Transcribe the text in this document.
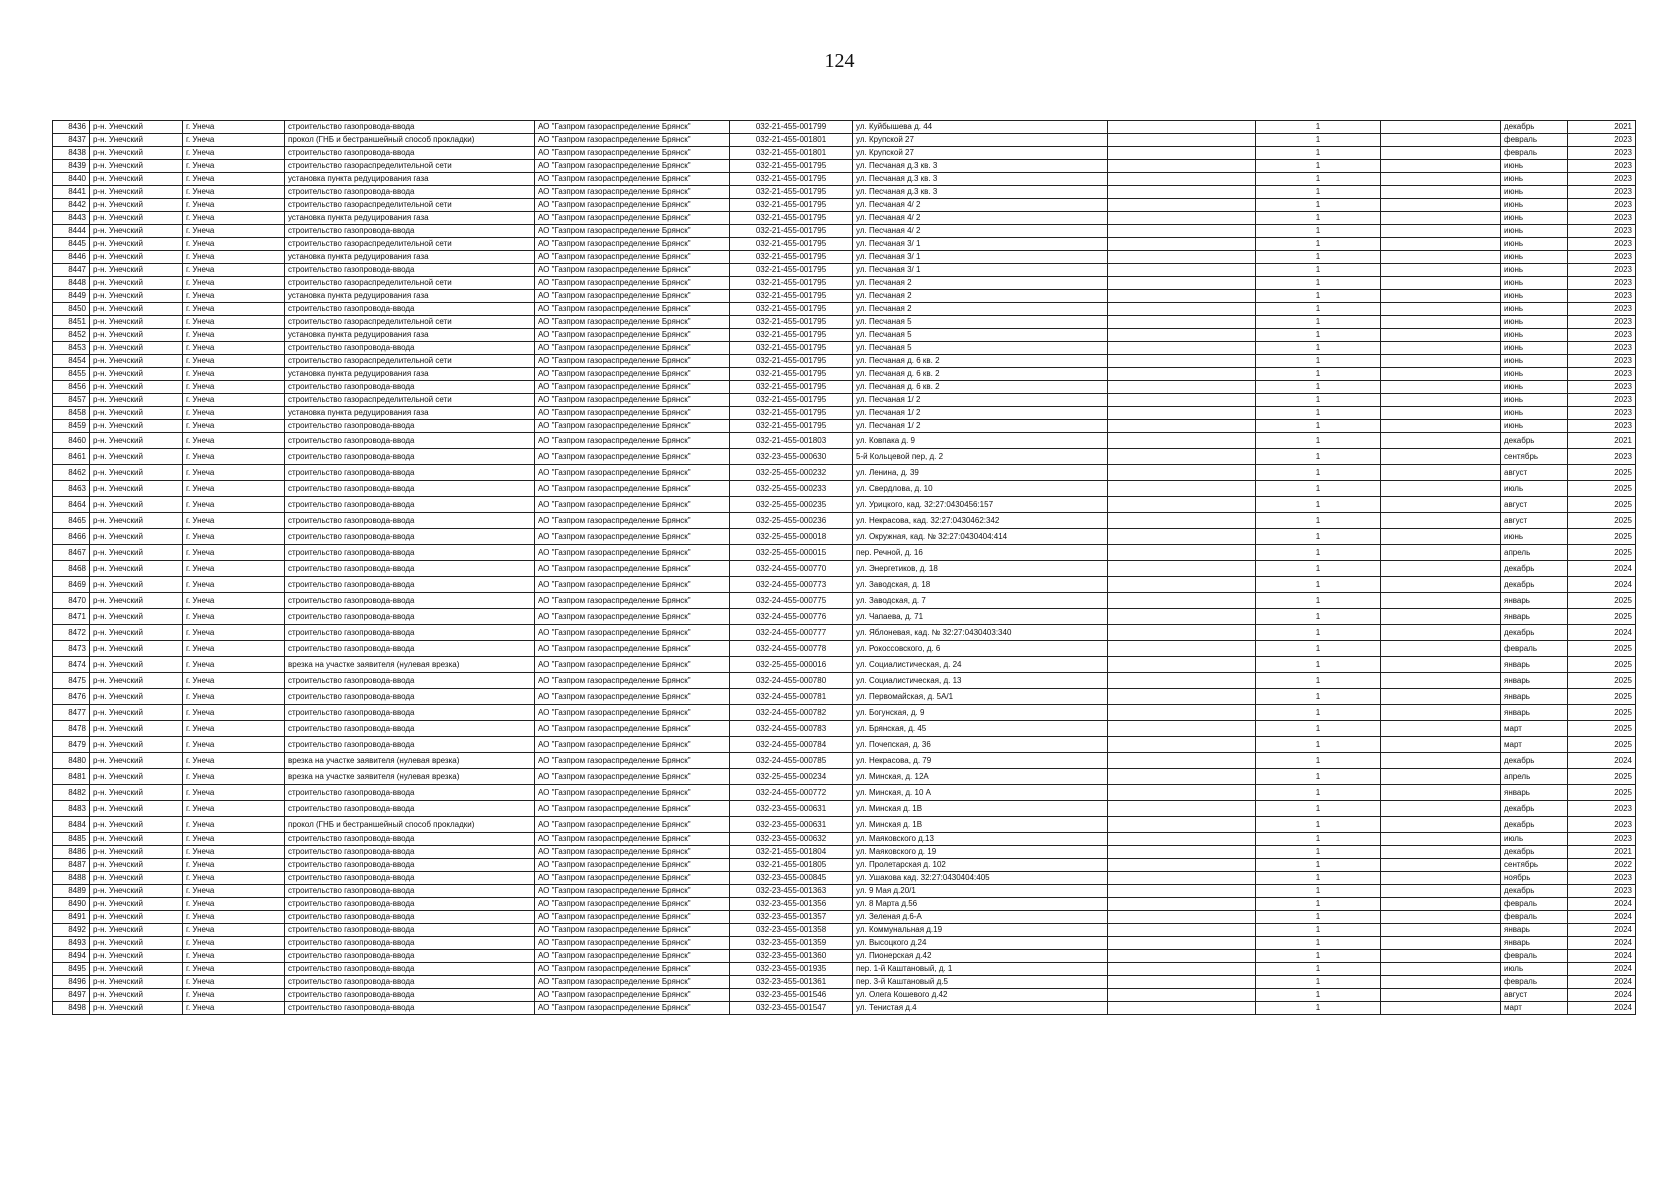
124
8436	р-н. Унечский	г. Унеча	строительство газопровода-ввода	АО "Газпром газораспределение Брянск"	032-21-455-001799	ул. Куйбышева д. 44		1		декабрь	2021
8437	р-н. Унечский	г. Унеча	прокол (ГНБ и бестраншейный способ прокладки)	АО "Газпром газораспределение Брянск"	032-21-455-001801	ул. Крупской 27		1		февраль	2023
8438	р-н. Унечский	г. Унеча	строительство газопровода-ввода	АО "Газпром газораспределение Брянск"	032-21-455-001801	ул. Крупской 27		1		февраль	2023
8439	р-н. Унечский	г. Унеча	строительство газораспределительной сети	АО "Газпром газораспределение Брянск"	032-21-455-001795	ул. Песчаная д.3 кв. 3		1		июнь	2023
8440	р-н. Унечский	г. Унеча	установка пункта редуцирования газа	АО "Газпром газораспределение Брянск"	032-21-455-001795	ул. Песчаная д.3 кв. 3		1		июнь	2023
8441	р-н. Унечский	г. Унеча	строительство газопровода-ввода	АО "Газпром газораспределение Брянск"	032-21-455-001795	ул. Песчаная д.3 кв. 3		1		июнь	2023
8442	р-н. Унечский	г. Унеча	строительство газораспределительной сети	АО "Газпром газораспределение Брянск"	032-21-455-001795	ул. Песчаная 4/ 2		1		июнь	2023
8443	р-н. Унечский	г. Унеча	установка пункта редуцирования газа	АО "Газпром газораспределение Брянск"	032-21-455-001795	ул. Песчаная 4/ 2		1		июнь	2023
8444	р-н. Унечский	г. Унеча	строительство газопровода-ввода	АО "Газпром газораспределение Брянск"	032-21-455-001795	ул. Песчаная 4/ 2		1		июнь	2023
8445	р-н. Унечский	г. Унеча	строительство газораспределительной сети	АО "Газпром газораспределение Брянск"	032-21-455-001795	ул. Песчаная 3/ 1		1		июнь	2023
8446	р-н. Унечский	г. Унеча	установка пункта редуцирования газа	АО "Газпром газораспределение Брянск"	032-21-455-001795	ул. Песчаная 3/ 1		1		июнь	2023
8447	р-н. Унечский	г. Унеча	строительство газопровода-ввода	АО "Газпром газораспределение Брянск"	032-21-455-001795	ул. Песчаная 3/ 1		1		июнь	2023
8448	р-н. Унечский	г. Унеча	строительство газораспределительной сети	АО "Газпром газораспределение Брянск"	032-21-455-001795	ул. Песчаная 2		1		июнь	2023
8449	р-н. Унечский	г. Унеча	установка пункта редуцирования газа	АО "Газпром газораспределение Брянск"	032-21-455-001795	ул. Песчаная 2		1		июнь	2023
8450	р-н. Унечский	г. Унеча	строительство газопровода-ввода	АО "Газпром газораспределение Брянск"	032-21-455-001795	ул. Песчаная 2		1		июнь	2023
8451	р-н. Унечский	г. Унеча	строительство газораспределительной сети	АО "Газпром газораспределение Брянск"	032-21-455-001795	ул. Песчаная 5		1		июнь	2023
8452	р-н. Унечский	г. Унеча	установка пункта редуцирования газа	АО "Газпром газораспределение Брянск"	032-21-455-001795	ул. Песчаная 5		1		июнь	2023
8453	р-н. Унечский	г. Унеча	строительство газопровода-ввода	АО "Газпром газораспределение Брянск"	032-21-455-001795	ул. Песчаная 5		1		июнь	2023
8454	р-н. Унечский	г. Унеча	строительство газораспределительной сети	АО "Газпром газораспределение Брянск"	032-21-455-001795	ул. Песчаная д. 6 кв. 2		1		июнь	2023
8455	р-н. Унечский	г. Унеча	установка пункта редуцирования газа	АО "Газпром газораспределение Брянск"	032-21-455-001795	ул. Песчаная д. 6 кв. 2		1		июнь	2023
8456	р-н. Унечский	г. Унеча	строительство газопровода-ввода	АО "Газпром газораспределение Брянск"	032-21-455-001795	ул. Песчаная д. 6 кв. 2		1		июнь	2023
8457	р-н. Унечский	г. Унеча	строительство газораспределительной сети	АО "Газпром газораспределение Брянск"	032-21-455-001795	ул. Песчаная 1/ 2		1		июнь	2023
8458	р-н. Унечский	г. Унеча	установка пункта редуцирования газа	АО "Газпром газораспределение Брянск"	032-21-455-001795	ул. Песчаная 1/ 2		1		июнь	2023
8459	р-н. Унечский	г. Унеча	строительство газопровода-ввода	АО "Газпром газораспределение Брянск"	032-21-455-001795	ул. Песчаная 1/ 2		1		июнь	2023
8460	р-н. Унечский	г. Унеча	строительство газопровода-ввода	АО "Газпром газораспределение Брянск"	032-21-455-001803	ул. Ковпака д. 9		1		декабрь	2021
8461	р-н. Унечский	г. Унеча	строительство газопровода-ввода	АО "Газпром газораспределение Брянск"	032-23-455-000630	5-й Кольцевой пер, д. 2		1		сентябрь	2023
8462	р-н. Унечский	г. Унеча	строительство газопровода-ввода	АО "Газпром газораспределение Брянск"	032-25-455-000232	ул. Ленина, д. 39		1		август	2025
8463	р-н. Унечский	г. Унеча	строительство газопровода-ввода	АО "Газпром газораспределение Брянск"	032-25-455-000233	ул. Свердлова, д. 10		1		июль	2025
8464	р-н. Унечский	г. Унеча	строительство газопровода-ввода	АО "Газпром газораспределение Брянск"	032-25-455-000235	ул. Урицкого, кад. 32:27:0430456:157		1		август	2025
8465	р-н. Унечский	г. Унеча	строительство газопровода-ввода	АО "Газпром газораспределение Брянск"	032-25-455-000236	ул. Некрасова, кад. 32:27:0430462:342		1		август	2025
8466	р-н. Унечский	г. Унеча	строительство газопровода-ввода	АО "Газпром газораспределение Брянск"	032-25-455-000018	ул. Окружная, кад. № 32:27:0430404:414		1		июнь	2025
8467	р-н. Унечский	г. Унеча	строительство газопровода-ввода	АО "Газпром газораспределение Брянск"	032-25-455-000015	пер. Речной, д. 16		1		апрель	2025
8468	р-н. Унечский	г. Унеча	строительство газопровода-ввода	АО "Газпром газораспределение Брянск"	032-24-455-000770	ул. Энергетиков, д. 18		1		декабрь	2024
8469	р-н. Унечский	г. Унеча	строительство газопровода-ввода	АО "Газпром газораспределение Брянск"	032-24-455-000773	ул. Заводская, д. 18		1		декабрь	2024
8470	р-н. Унечский	г. Унеча	строительство газопровода-ввода	АО "Газпром газораспределение Брянск"	032-24-455-000775	ул. Заводская, д. 7		1		январь	2025
8471	р-н. Унечский	г. Унеча	строительство газопровода-ввода	АО "Газпром газораспределение Брянск"	032-24-455-000776	ул. Чапаева, д. 71		1		январь	2025
8472	р-н. Унечский	г. Унеча	строительство газопровода-ввода	АО "Газпром газораспределение Брянск"	032-24-455-000777	ул. Яблоневая, кад. № 32:27:0430403:340		1		декабрь	2024
8473	р-н. Унечский	г. Унеча	строительство газопровода-ввода	АО "Газпром газораспределение Брянск"	032-24-455-000778	ул. Рокоссовского, д. 6		1		февраль	2025
8474	р-н. Унечский	г. Унеча	врезка на участке заявителя (нулевая врезка)	АО "Газпром газораспределение Брянск"	032-25-455-000016	ул. Социалистическая, д. 24		1		январь	2025
8475	р-н. Унечский	г. Унеча	строительство газопровода-ввода	АО "Газпром газораспределение Брянск"	032-24-455-000780	ул. Социалистическая, д. 13		1		январь	2025
8476	р-н. Унечский	г. Унеча	строительство газопровода-ввода	АО "Газпром газораспределение Брянск"	032-24-455-000781	ул. Первомайская, д. 5А/1		1		январь	2025
8477	р-н. Унечский	г. Унеча	строительство газопровода-ввода	АО "Газпром газораспределение Брянск"	032-24-455-000782	ул. Богунская, д. 9		1		январь	2025
8478	р-н. Унечский	г. Унеча	строительство газопровода-ввода	АО "Газпром газораспределение Брянск"	032-24-455-000783	ул. Брянская, д. 45		1		март	2025
8479	р-н. Унечский	г. Унеча	строительство газопровода-ввода	АО "Газпром газораспределение Брянск"	032-24-455-000784	ул. Почепская, д. 36		1		март	2025
8480	р-н. Унечский	г. Унеча	врезка на участке заявителя (нулевая врезка)	АО "Газпром газораспределение Брянск"	032-24-455-000785	ул. Некрасова, д. 79		1		декабрь	2024
8481	р-н. Унечский	г. Унеча	врезка на участке заявителя (нулевая врезка)	АО "Газпром газораспределение Брянск"	032-25-455-000234	ул. Минская, д. 12А		1		апрель	2025
8482	р-н. Унечский	г. Унеча	строительство газопровода-ввода	АО "Газпром газораспределение Брянск"	032-24-455-000772	ул. Минская, д. 10 А		1		январь	2025
8483	р-н. Унечский	г. Унеча	строительство газопровода-ввода	АО "Газпром газораспределение Брянск"	032-23-455-000631	ул. Минская д. 1В		1		декабрь	2023
8484	р-н. Унечский	г. Унеча	прокол (ГНБ и бестраншейный способ прокладки)	АО "Газпром газораспределение Брянск"	032-23-455-000631	ул. Минская д. 1В		1		декабрь	2023
8485	р-н. Унечский	г. Унеча	строительство газопровода-ввода	АО "Газпром газораспределение Брянск"	032-23-455-000632	ул. Маяковского д.13		1		июль	2023
8486	р-н. Унечский	г. Унеча	строительство газопровода-ввода	АО "Газпром газораспределение Брянск"	032-21-455-001804	ул. Маяковского д. 19		1		декабрь	2021
8487	р-н. Унечский	г. Унеча	строительство газопровода-ввода	АО "Газпром газораспределение Брянск"	032-21-455-001805	ул. Пролетарская д. 102		1		сентябрь	2022
8488	р-н. Унечский	г. Унеча	строительство газопровода-ввода	АО "Газпром газораспределение Брянск"	032-23-455-000845	ул. Ушакова кад. 32:27:0430404:405		1		ноябрь	2023
8489	р-н. Унечский	г. Унеча	строительство газопровода-ввода	АО "Газпром газораспределение Брянск"	032-23-455-001363	ул. 9 Мая д.20/1		1		декабрь	2023
8490	р-н. Унечский	г. Унеча	строительство газопровода-ввода	АО "Газпром газораспределение Брянск"	032-23-455-001356	ул. 8 Марта д.56		1		февраль	2024
8491	р-н. Унечский	г. Унеча	строительство газопровода-ввода	АО "Газпром газораспределение Брянск"	032-23-455-001357	ул. Зеленая д.6-А		1		февраль	2024
8492	р-н. Унечский	г. Унеча	строительство газопровода-ввода	АО "Газпром газораспределение Брянск"	032-23-455-001358	ул. Коммунальная д.19		1		январь	2024
8493	р-н. Унечский	г. Унеча	строительство газопровода-ввода	АО "Газпром газораспределение Брянск"	032-23-455-001359	ул. Высоцкого д.24		1		январь	2024
8494	р-н. Унечский	г. Унеча	строительство газопровода-ввода	АО "Газпром газораспределение Брянск"	032-23-455-001360	ул. Пионерская д.42		1		февраль	2024
8495	р-н. Унечский	г. Унеча	строительство газопровода-ввода	АО "Газпром газораспределение Брянск"	032-23-455-001935	пер. 1-й Каштановый, д. 1		1		июль	2024
8496	р-н. Унечский	г. Унеча	строительство газопровода-ввода	АО "Газпром газораспределение Брянск"	032-23-455-001361	пер. 3-й Каштановый д.5		1		февраль	2024
8497	р-н. Унечский	г. Унеча	строительство газопровода-ввода	АО "Газпром газораспределение Брянск"	032-23-455-001546	ул. Олега Кошевого д.42		1		август	2024
8498	р-н. Унечский	г. Унеча	строительство газопровода-ввода	АО "Газпром газораспределение Брянск"	032-23-455-001547	ул. Тенистая д.4		1		март	2024
